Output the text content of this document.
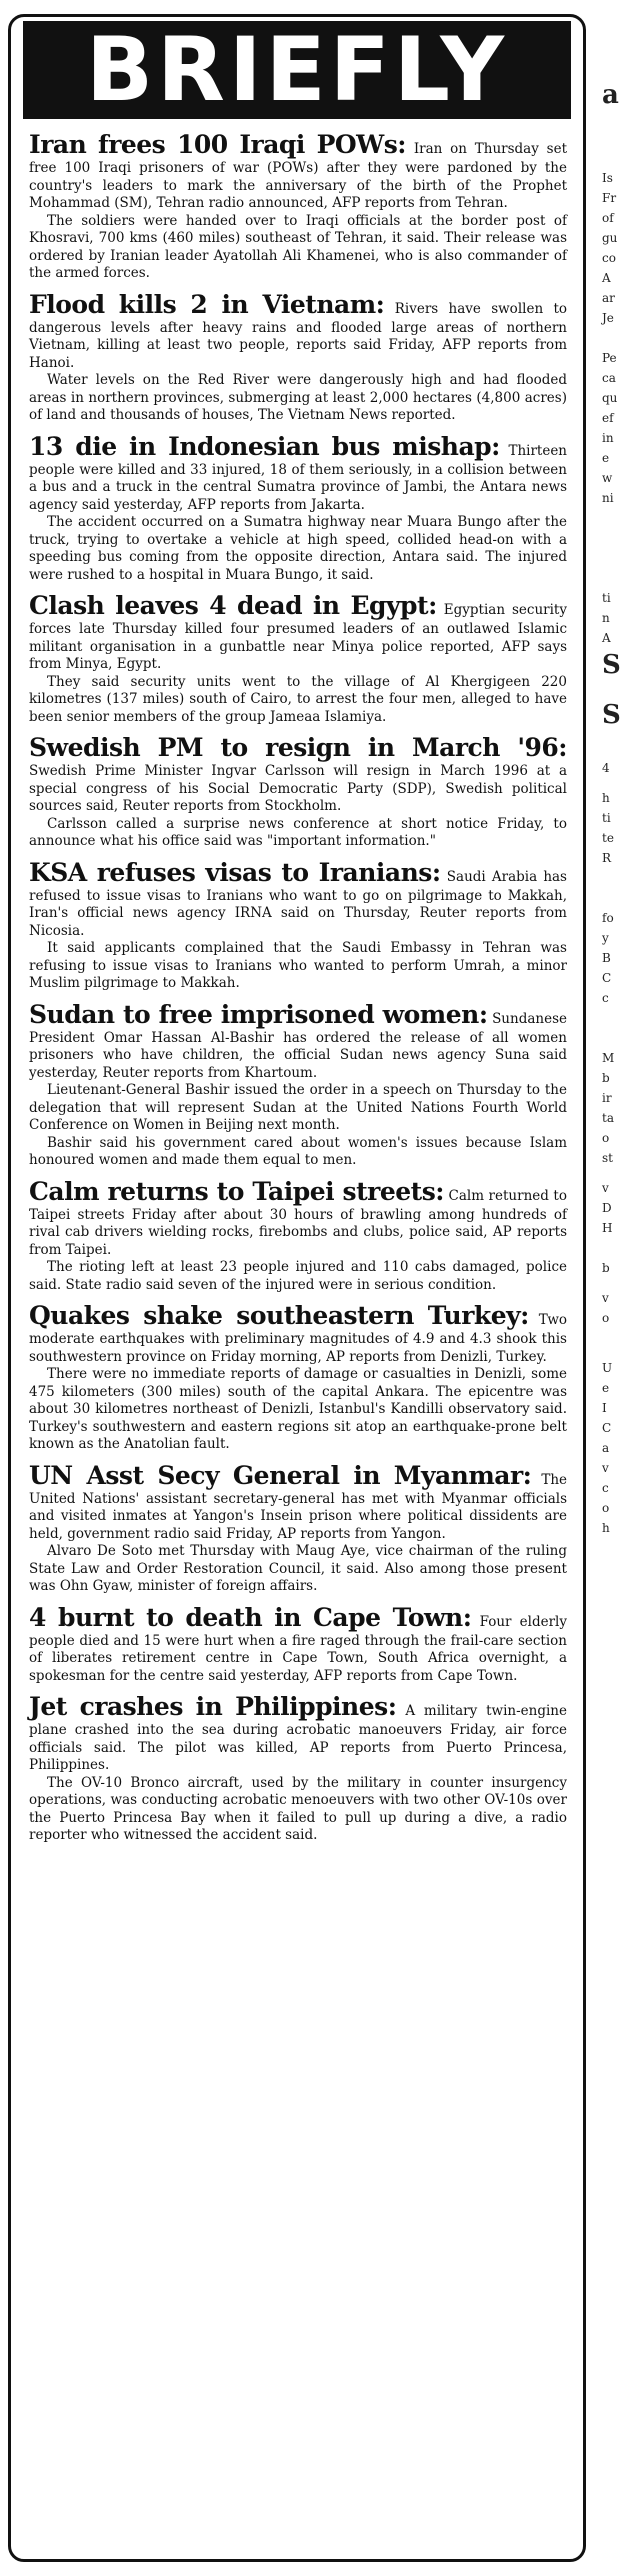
BRIEFLY

Iran frees 100 Iraqi POWs: Iran on Thursday set free 100 Iraqi prisoners of war (POWs) after they were pardoned by the country's leaders to mark the anniversary of the birth of the Prophet Mohammad (SM), Tehran radio announced, AFP reports from Tehran.

The soldiers were handed over to Iraqi officials at the border post of Khosravi, 700 kms (460 miles) southeast of Tehran, it said. Their release was ordered by Iranian leader Ayatollah Ali Khamenei, who is also commander of the armed forces.

Flood kills 2 in Vietnam: Rivers have swollen to dangerous levels after heavy rains and flooded large areas of northern Vietnam, killing at least two people, reports said Friday, AFP reports from Hanoi.

Water levels on the Red River were dangerously high and had flooded areas in northern provinces, submerging at least 2,000 hectares (4,800 acres) of land and thousands of houses, The Vietnam News reported.

13 die in Indonesian bus mishap: Thirteen people were killed and 33 injured, 18 of them seriously, in a collision between a bus and a truck in the central Sumatra province of Jambi, the Antara news agency said yesterday, AFP reports from Jakarta.

The accident occurred on a Sumatra highway near Muara Bungo after the truck, trying to overtake a vehicle at high speed, collided head-on with a speeding bus coming from the opposite direction, Antara said. The injured were rushed to a hospital in Muara Bungo, it said.

Clash leaves 4 dead in Egypt: Egyptian security forces late Thursday killed four presumed leaders of an outlawed Islamic militant organisation in a gunbattle near Minya police reported, AFP says from Minya, Egypt.

They said security units went to the village of Al Khergigeen 220 kilometres (137 miles) south of Cairo, to arrest the four men, alleged to have been senior members of the group Jameaa Islamiya.

Swedish PM to resign in March '96: Swedish Prime Minister Ingvar Carlsson will resign in March 1996 at a special congress of his Social Democratic Party (SDP), Swedish political sources said, Reuter reports from Stockholm.

Carlsson called a surprise news conference at short notice Friday, to announce what his office said was "important information."

KSA refuses visas to Iranians: Saudi Arabia has refused to issue visas to Iranians who want to go on pilgrimage to Makkah, Iran's official news agency IRNA said on Thursday, Reuter reports from Nicosia.

It said applicants complained that the Saudi Embassy in Tehran was refusing to issue visas to Iranians who wanted to perform Umrah, a minor Muslim pilgrimage to Makkah.

Sudan to free imprisoned women: Sundanese President Omar Hassan Al-Bashir has ordered the release of all women prisoners who have children, the official Sudan news agency Suna said yesterday, Reuter reports from Khartoum.

Lieutenant-General Bashir issued the order in a speech on Thursday to the delegation that will represent Sudan at the United Nations Fourth World Conference on Women in Beijing next month.

Bashir said his government cared about women's issues because Islam honoured women and made them equal to men.

Calm returns to Taipei streets: Calm returned to Taipei streets Friday after about 30 hours of brawling among hundreds of rival cab drivers wielding rocks, firebombs and clubs, police said, AP reports from Taipei.

The rioting left at least 23 people injured and 110 cabs damaged, police said. State radio said seven of the injured were in serious condition.

Quakes shake southeastern Turkey: Two moderate earthquakes with preliminary magnitudes of 4.9 and 4.3 shook this southwestern province on Friday morning, AP reports from Denizli, Turkey.

There were no immediate reports of damage or casualties in Denizli, some 475 kilometers (300 miles) south of the capital Ankara. The epicentre was about 30 kilometres northeast of Denizli, Istanbul's Kandilli observatory said. Turkey's southwestern and eastern regions sit atop an earthquake-prone belt known as the Anatolian fault.

UN Asst Secy General in Myanmar: The United Nations' assistant secretary-general has met with Myanmar officials and visited inmates at Yangon's Insein prison where political dissidents are held, government radio said Friday, AP reports from Yangon.

Alvaro De Soto met Thursday with Maug Aye, vice chairman of the ruling State Law and Order Restoration Council, it said. Also among those present was Ohn Gyaw, minister of foreign affairs.

4 burnt to death in Cape Town: Four elderly people died and 15 were hurt when a fire raged through the frail-care section of liberates retirement centre in Cape Town, South Africa overnight, a spokesman for the centre said yesterday, AFP reports from Cape Town.

Jet crashes in Philippines: A military twin-engine plane crashed into the sea during acrobatic manoeuvers Friday, air force officials said. The pilot was killed, AP reports from Puerto Princesa, Philippines.

The OV-10 Bronco aircraft, used by the military in counter insurgency operations, was conducting acrobatic menoeuvers with two other OV-10s over the Puerto Princesa Bay when it failed to pull up during a dive, a radio reporter who witnessed the accident said.

a
Is
Fr
of
gu
co
A
ar
Je
Pe
ca
qu
ef
in
e
w
ni
ti
n
A
S
S
4
h
ti
te
R
fo
y
B
C
c
M
b
ir
ta
o
st
v
D
H
b
v
o
U
e
I
C
a
v
c
o
h
